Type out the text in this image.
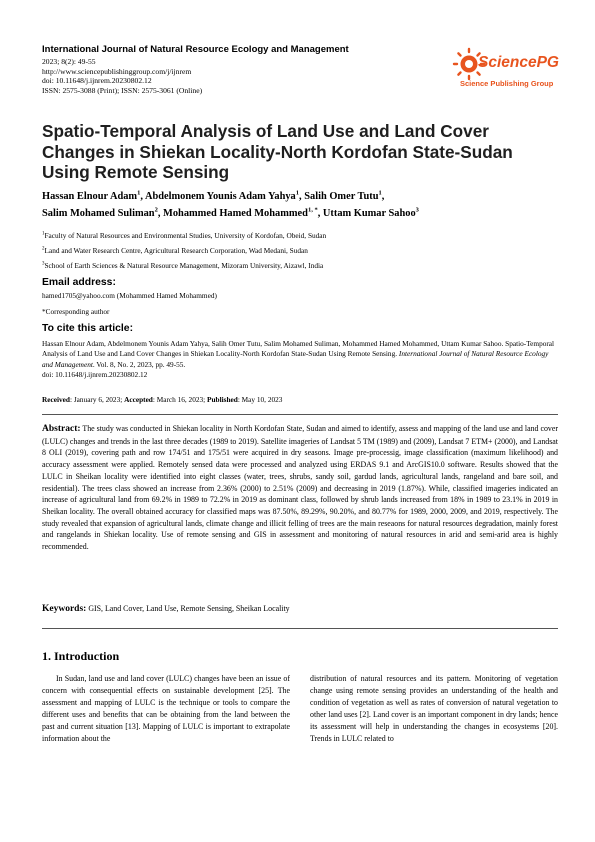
International Journal of Natural Resource Ecology and Management
2023; 8(2): 49-55
http://www.sciencepublishinggroup.com/j/ijnrem
doi: 10.11648/j.ijnrem.20230802.12
ISSN: 2575-3088 (Print); ISSN: 2575-3061 (Online)
SciencePG
Science Publishing Group
Spatio-Temporal Analysis of Land Use and Land Cover Changes in Shiekan Locality-North Kordofan State-Sudan Using Remote Sensing
Hassan Elnour Adam$^1$, Abdelmonem Younis Adam Yahya$^1$, Salih Omer Tutu$^1$,
Salim Mohamed Suliman$^2$, Mohammed Hamed Mohammed$^{1, *}$, Uttam Kumar Sahoo$^3$
$^1$Faculty of Natural Resources and Environmental Studies, University of Kordofan, Obeid, Sudan
$^2$Land and Water Research Centre, Agricultural Research Corporation, Wad Medani, Sudan
$^3$School of Earth Sciences & Natural Resource Management, Mizoram University, Aizawl, India
Email address:
hamed1705@yahoo.com (Mohammed Hamed Mohammed)
*Corresponding author
To cite this article:
Hassan Elnour Adam, Abdelmonem Younis Adam Yahya, Salih Omer Tutu, Salim Mohamed Suliman, Mohammed Hamed Mohammed, Uttam Kumar Sahoo. Spatio-Temporal Analysis of Land Use and Land Cover Changes in Shiekan Locality-North Kordofan State-Sudan Using Remote Sensing. International Journal of Natural Resource Ecology and Management. Vol. 8, No. 2, 2023, pp. 49-55.
doi: 10.11648/j.ijnrem.20230802.12
Received: January 6, 2023; Accepted: March 16, 2023; Published: May 10, 2023
Abstract: The study was conducted in Shiekan locality in North Kordofan State, Sudan and aimed to identify, assess and mapping of the land use and land cover (LULC) changes and trends in the last three decades (1989 to 2019). Satellite imageries of Landsat 5 TM (1989) and (2009), Landsat 7 ETM+ (2000), and Landsat 8 OLI (2019), covering path and row 174/51 and 175/51 were acquired in dry seasons. Image pre-processig, image classification (maximum likelihood) and accuracy assessment were applied. Remotely sensed data were processed and analyzed using ERDAS 9.1 and ArcGIS10.0 software. Results showed that the LULC in Sheikan locality were identified into eight classes (water, trees, shrubs, sandy soil, gardud lands, agricultural lands, rangeland and bare soil, and residential). The trees class showed an increase from 2.36% (2000) to 2.51% (2009) and decreasing in 2019 (1.87%). While, classified imageries indicated an increase of agricultural land from 69.2% in 1989 to 72.2% in 2019 as dominant class, followed by shrub lands increased from 18% in 1989 to 23.1% in 2019 in Sheikan locality. The overall obtained accuracy for classified maps was 87.50%, 89.29%, 90.20%, and 80.77% for 1989, 2000, 2009, and 2019, respectively. The study revealed that expansion of agricultural lands, climate change and illicit felling of trees are the main reseaons for natural resources degradation, mainly forest and rangelands in Shiekan locality. Use of remote sensing and GIS in assessment and monitoring of natural resources in arid and semi-arid area is highly recommended.
Keywords: GIS, Land Cover, Land Use, Remote Sensing, Sheikan Locality
1. Introduction
In Sudan, land use and land cover (LULC) changes have been an issue of concern with consequential effects on sustainable development [25]. The assessment and mapping of LULC is the technique or tools to compare the different uses and benefits that can be obtaining from the land between the past and current situation [13]. Mapping of LULC is important to extrapolate information about the
distribution of natural resources and its pattern. Monitoring of vegetation change using remote sensing provides an understanding of the health and condition of vegetation as well as rates of conversion of natural vegetation to other land uses [2]. Land cover is an important component in dry lands; hence its assessment will help in understanding the changes in ecosystems [20]. Trends in LULC related to
